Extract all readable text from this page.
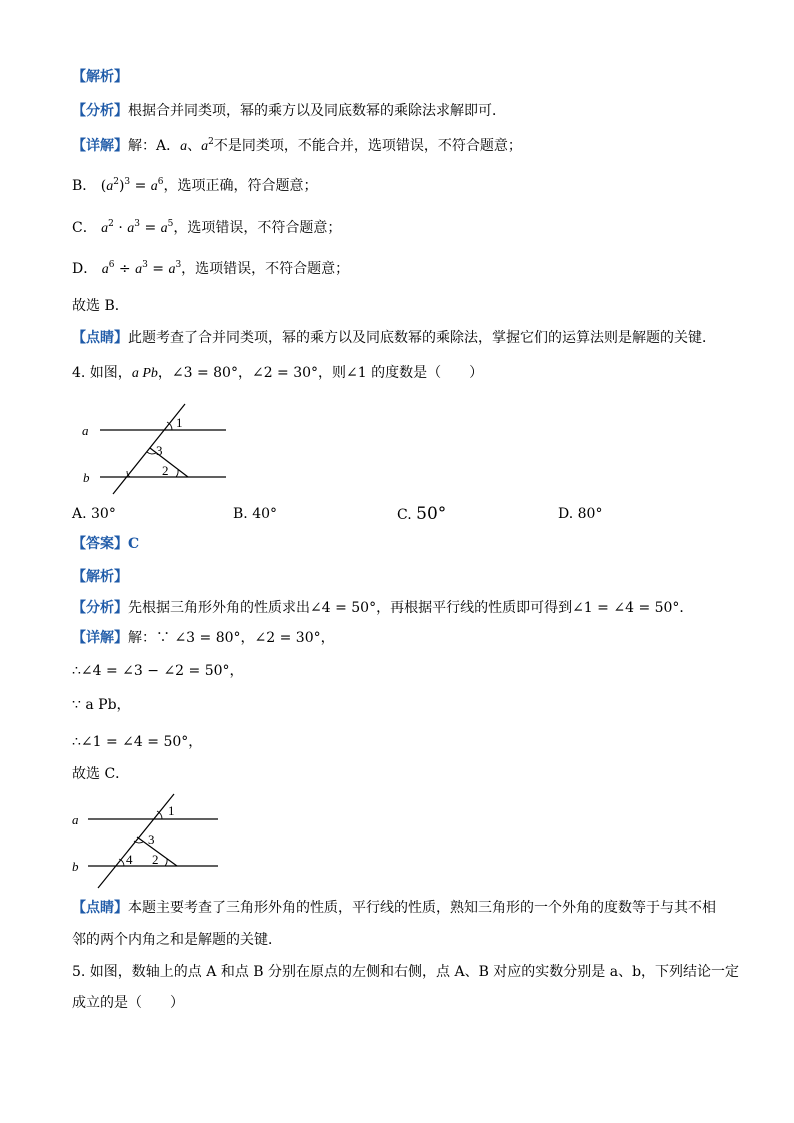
【解析】
【分析】根据合并同类项，幂的乘方以及同底数幂的乘除法求解即可．
【详解】解：A．a、$a^2$不是同类项，不能合并，选项错误，不符合题意；
B． $(a^2)^3 = a^6$，选项正确，符合题意；
C． $a^2 \cdot a^3 = a^5$，选项错误，不符合题意；
D． $a^6 \div a^3 = a^3$，选项错误，不符合题意；
故选 B．
【点睛】此题考查了合并同类项，幂的乘方以及同底数幂的乘除法，掌握它们的运算法则是解题的关键．
4. 如图，a Pb，∠3 = 80°，∠2 = 30°，则∠1 的度数是（　　）
a
b
1
3
2
A. 30°	B. 40°	C. 50°	D. 80°
【答案】C
【解析】
【分析】先根据三角形外角的性质求出∠4 = 50°，再根据平行线的性质即可得到∠1 = ∠4 = 50°．
【详解】解：∵ ∠3 = 80°，∠2 = 30°，
∴∠4 = ∠3 − ∠2 = 50°，
∵ a Pb，
∴∠1 = ∠4 = 50°，
故选 C．
a
b
1
3
4 2
【点睛】本题主要考查了三角形外角的性质，平行线的性质，熟知三角形的一个外角的度数等于与其不相
邻的两个内角之和是解题的关键．
5. 如图，数轴上的点 A 和点 B 分别在原点的左侧和右侧，点 A、B 对应的实数分别是 a、b，下列结论一定
成立的是（　　）
